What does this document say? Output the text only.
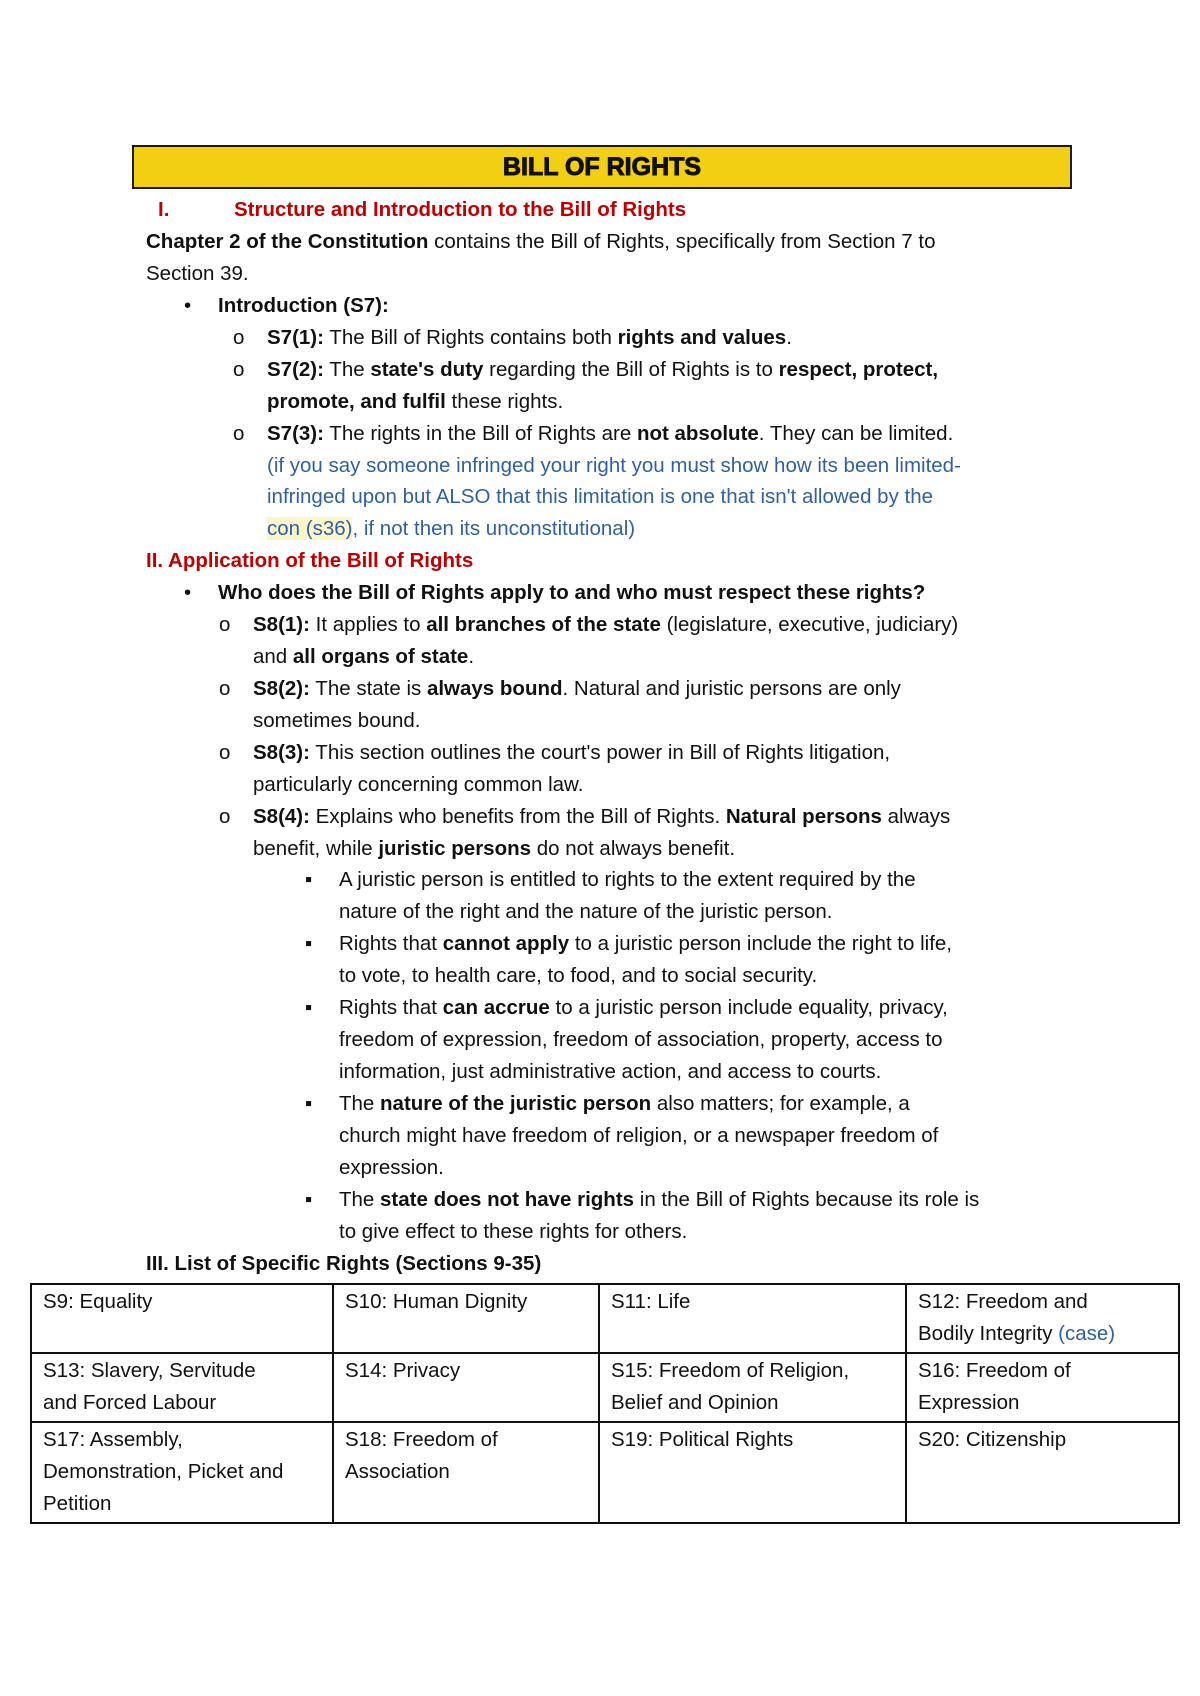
BILL OF RIGHTS
I.	Structure and Introduction to the Bill of Rights
Chapter 2 of the Constitution contains the Bill of Rights, specifically from Section 7 to
Section 39.
• Introduction (S7):
o S7(1): The Bill of Rights contains both rights and values.
o S7(2): The state's duty regarding the Bill of Rights is to respect, protect,
promote, and fulfil these rights.
o S7(3): The rights in the Bill of Rights are not absolute. They can be limited.
(if you say someone infringed your right you must show how its been limited-
infringed upon but ALSO that this limitation is one that isn't allowed by the
con (s36), if not then its unconstitutional)
II. Application of the Bill of Rights
• Who does the Bill of Rights apply to and who must respect these rights?
o S8(1): It applies to all branches of the state (legislature, executive, judiciary)
and all organs of state.
o S8(2): The state is always bound. Natural and juristic persons are only
sometimes bound.
o S8(3): This section outlines the court's power in Bill of Rights litigation,
particularly concerning common law.
o S8(4): Explains who benefits from the Bill of Rights. Natural persons always
benefit, while juristic persons do not always benefit.
▪ A juristic person is entitled to rights to the extent required by the
nature of the right and the nature of the juristic person.
▪ Rights that cannot apply to a juristic person include the right to life,
to vote, to health care, to food, and to social security.
▪ Rights that can accrue to a juristic person include equality, privacy,
freedom of expression, freedom of association, property, access to
information, just administrative action, and access to courts.
▪ The nature of the juristic person also matters; for example, a
church might have freedom of religion, or a newspaper freedom of
expression.
▪ The state does not have rights in the Bill of Rights because its role is
to give effect to these rights for others.
III. List of Specific Rights (Sections 9-35)
S9: Equality	S10: Human Dignity	S11: Life	S12: Freedom and
Bodily Integrity (case)
S13: Slavery, Servitude
and Forced Labour	S14: Privacy	S15: Freedom of Religion,
Belief and Opinion	S16: Freedom of
Expression
S17: Assembly,
Demonstration, Picket and
Petition	S18: Freedom of
Association	S19: Political Rights	S20: Citizenship
